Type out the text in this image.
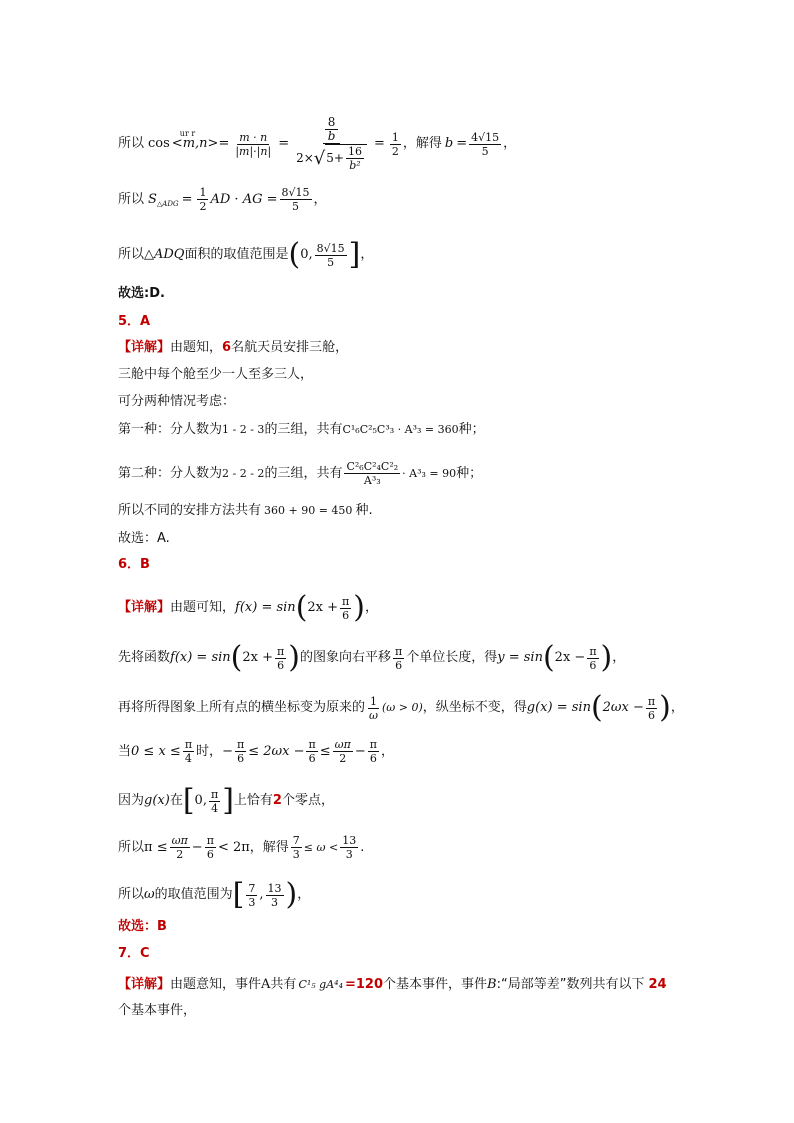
所以 cos <m,n>=
ur r	$\frac{m \cdot n}{|m|\cdot|n|} = 8$
b
2× √ $5+ \frac{16}{\text{b²}} = \frac{1}{2}$ ，解得 $b = \frac{4√15}{5}$ ，
所以 $S_{\triangle ADG} = \frac{1}{2}$ AD · AG = $\frac{8√15}{5}$ ，
所以△ ADQ 面积的取值范围是 ( 0, $\frac{8√15}{5}$ ] ，
故选:D.
5．A
【详解】 由题知， 6 名航天员安排三舱，
三舱中每个舱至少一人至多三人，
可分两种情况考虑：
第一种：分人数为 1 - 2 - 3 的三组，共有 C¹₆C²₅C³₃ · A³₃ = 360 种；
第二种：分人数为 2 - 2 - 2 的三组，共有 $\frac{\text{C²₆C²₄C²₂}}{\text{A³₃}} \cdot A^3_3 = 90$ 种；
所以不同的安排方法共有 360 + 90 = 450 种.
故选：A.
6．B
【详解】 由题可知， f(x) = sin ( $2x + \frac{\pi}{6}$ ) ，
先将函数 f(x) = sin ( $2x + \frac{\pi}{6}$ ) 的图象向右平移 $\frac{\pi}{6}$ 个单位长度，得 y = sin ( $2x - \frac{\pi}{6}$ ) ，
再将所得图象上所有点的横坐标变为原来的 $\frac{1}{\omega} (\omega > 0)$ ，纵坐标不变，得 g(x) = sin ( $2\omega x - \frac{\pi}{6}$ ) ，
当 $0 \le x \le \frac{\pi}{4}$ 时， − $\frac{\pi}{6} \le 2\omega x - \frac{\pi}{6} \le \frac{\omega\pi}{2} - \frac{\pi}{6}$ ，
因为 g(x) 在 [ 0, $\frac{\pi}{4}$ ] 上恰有 2 个零点，
所以 $\pi \le \frac{\omega\pi}{2} - \frac{\pi}{6} < 2\pi$ ，解得 $\frac{7}{3} \le \omega < \frac{13}{3}$ .
所以 ω 的取值范围为 [ $\frac{7}{3}$ , $\frac{13}{3}$ ) ，
故选：B
7．C
【详解】 由题意知，事件 A 共有 C¹₅ gA⁴₄ =120 个基本事件，事件 B :“局部等差”数列共有以下 24
个基本事件，
